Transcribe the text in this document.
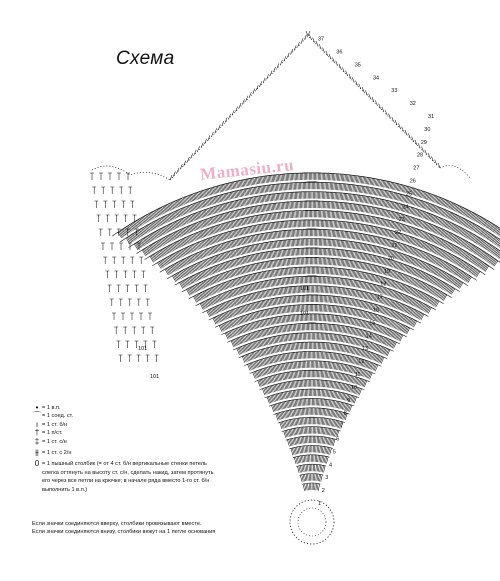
37
36
35
34
33
32
31
30
29
28
27
26
25
24
23
22
21
20
19
18
17
16
15
14
13
12
11
10
9
8
7
6
5
4
3
2
1
101
101
101
101
Схема
Mamasiu.ru
• = 1 в.п.
⌒ = 1 соед. ст.
ı = 1 ст. б/н
† = 1 п/ст.
‡ = 1 ст. с/н
⫵ = 1 ст. с 2/н
0 = 1 пышный столбик (= от 4 ст. б/н вертикальные стенки петель слегка оттянуть на высоту ст. с/н, сделать накид, затем протянуть его через все петли на крючке; в начале ряда вместо 1-го ст. б/н выполнить 1 в.п.)
Если значки соединяются вверху, столбики провязывают вместе.
Если значки соединяются внизу, столбики вяжут на 1 петле основания
